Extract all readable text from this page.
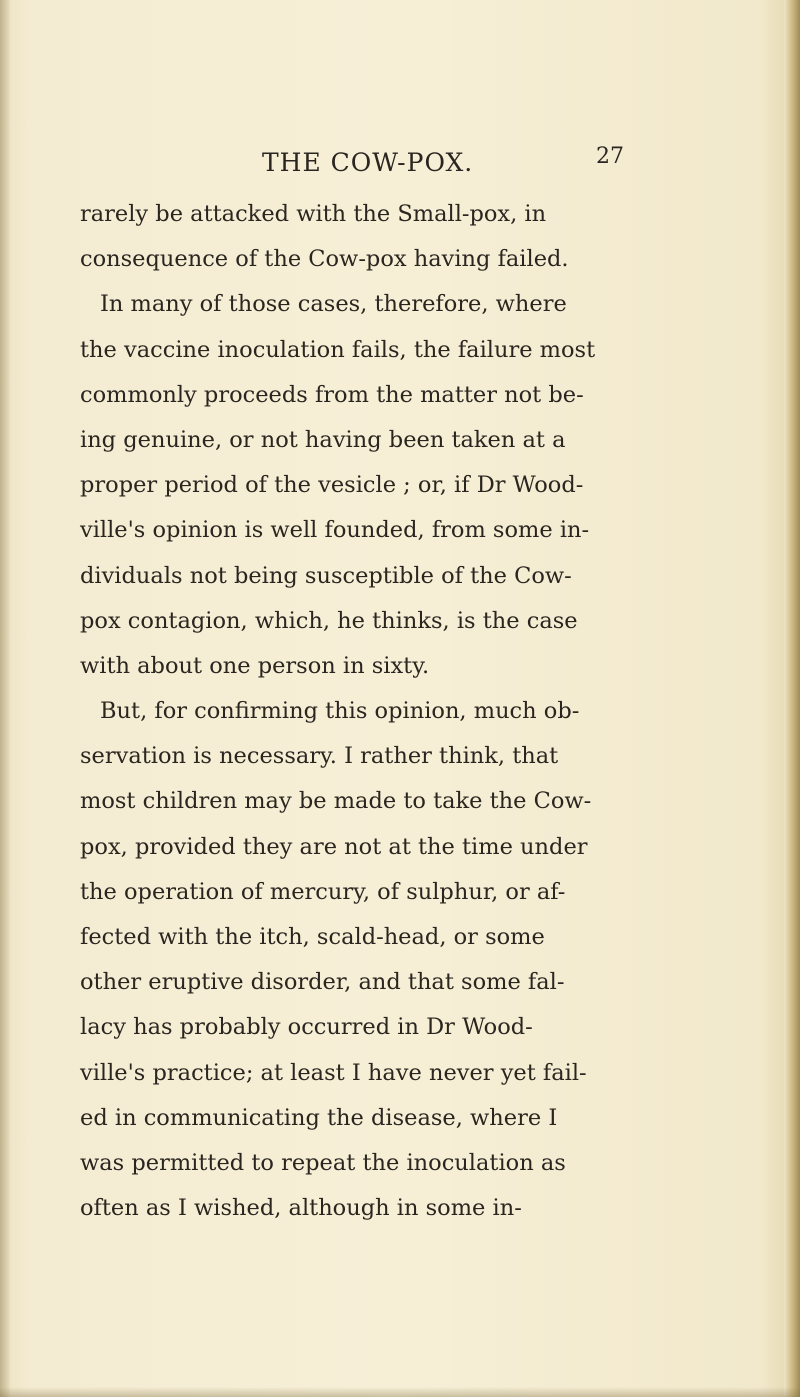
THE COW-POX.	27
rarely be attacked with the Small-pox, in
consequence of the Cow-pox having failed.
In many of those cases, therefore, where
the vaccine inoculation fails, the failure most
commonly proceeds from the matter not be-
ing genuine, or not having been taken at a
proper period of the vesicle ; or, if Dr Wood-
ville's opinion is well founded, from some in-
dividuals not being susceptible of the Cow-
pox contagion, which, he thinks, is the case
with about one person in sixty.
But, for confirming this opinion, much ob-
servation is necessary. I rather think, that
most children may be made to take the Cow-
pox, provided they are not at the time under
the operation of mercury, of sulphur, or af-
fected with the itch, scald-head, or some
other eruptive disorder, and that some fal-
lacy has probably occurred in Dr Wood-
ville's practice; at least I have never yet fail-
ed in communicating the disease, where I
was permitted to repeat the inoculation as
often as I wished, although in some in-
